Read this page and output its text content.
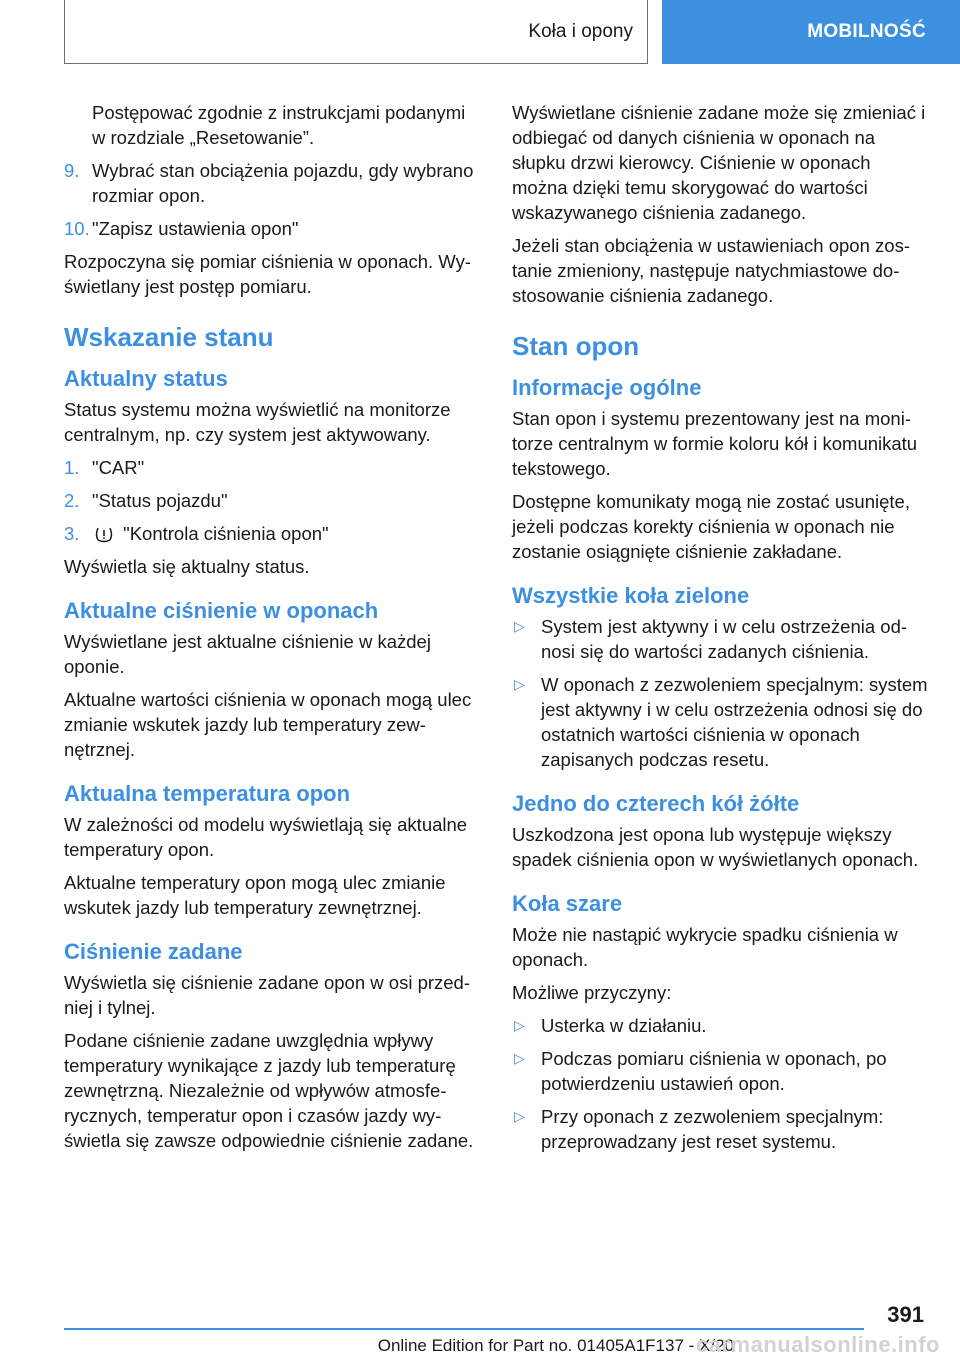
Koła i opony	MOBILNOŚĆ

Postępować zgodnie z instrukcjami podanymi w rozdziale „Resetowanie”.

9. Wybrać stan obciążenia pojazdu, gdy wybrano rozmiar opon.
10. "Zapisz ustawienia opon"

Rozpoczyna się pomiar ciśnienia w oponach. Wyświetlany jest postęp pomiaru.

Wskazanie stanu
Aktualny status

Status systemu można wyświetlić na monitorze centralnym, np. czy system jest aktywowany.

1. "CAR"
2. "Status pojazdu"
3.	"Kontrola ciśnienia opon"

Wyświetla się aktualny status.

Aktualne ciśnienie w oponach

Wyświetlane jest aktualne ciśnienie w każdej oponie.

Aktualne wartości ciśnienia w oponach mogą ulec zmianie wskutek jazdy lub temperatury zewnętrznej.

Aktualna temperatura opon

W zależności od modelu wyświetlają się aktualne temperatury opon.

Aktualne temperatury opon mogą ulec zmianie wskutek jazdy lub temperatury zewnętrznej.

Ciśnienie zadane

Wyświetla się ciśnienie zadane opon w osi przedniej i tylnej.

Podane ciśnienie zadane uwzględnia wpływy temperatury wynikające z jazdy lub temperaturę zewnętrzną. Niezależnie od wpływów atmosferycznych, temperatur opon i czasów jazdy wyświetla się zawsze odpowiednie ciśnienie zadane.

Wyświetlane ciśnienie zadane może się zmieniać i odbiegać od danych ciśnienia w oponach na słupku drzwi kierowcy. Ciśnienie w oponach można dzięki temu skorygować do wartości wskazywanego ciśnienia zadanego.

Jeżeli stan obciążenia w ustawieniach opon zostanie zmieniony, następuje natychmiastowe dostosowanie ciśnienia zadanego.

Stan opon
Informacje ogólne

Stan opon i systemu prezentowany jest na monitorze centralnym w formie koloru kół i komunikatu tekstowego.

Dostępne komunikaty mogą nie zostać usunięte, jeżeli podczas korekty ciśnienia w oponach nie zostanie osiągnięte ciśnienie zakładane.

Wszystkie koła zielone
▷ System jest aktywny i w celu ostrzeżenia odnosi się do wartości zadanych ciśnienia.
▷ W oponach z zezwoleniem specjalnym: system jest aktywny i w celu ostrzeżenia odnosi się do ostatnich wartości ciśnienia w oponach zapisanych podczas resetu.
Jedno do czterech kół żółte

Uszkodzona jest opona lub występuje większy spadek ciśnienia opon w wyświetlanych oponach.

Koła szare

Może nie nastąpić wykrycie spadku ciśnienia w oponach.

Możliwe przyczyny:

▷ Usterka w działaniu.
▷ Podczas pomiaru ciśnienia w oponach, po potwierdzeniu ustawień opon.
▷ Przy oponach z zezwoleniem specjalnym: przeprowadzany jest reset systemu.
391
Online Edition for Part no. 01405A1F137 - X/20
carmanualsonline.info
